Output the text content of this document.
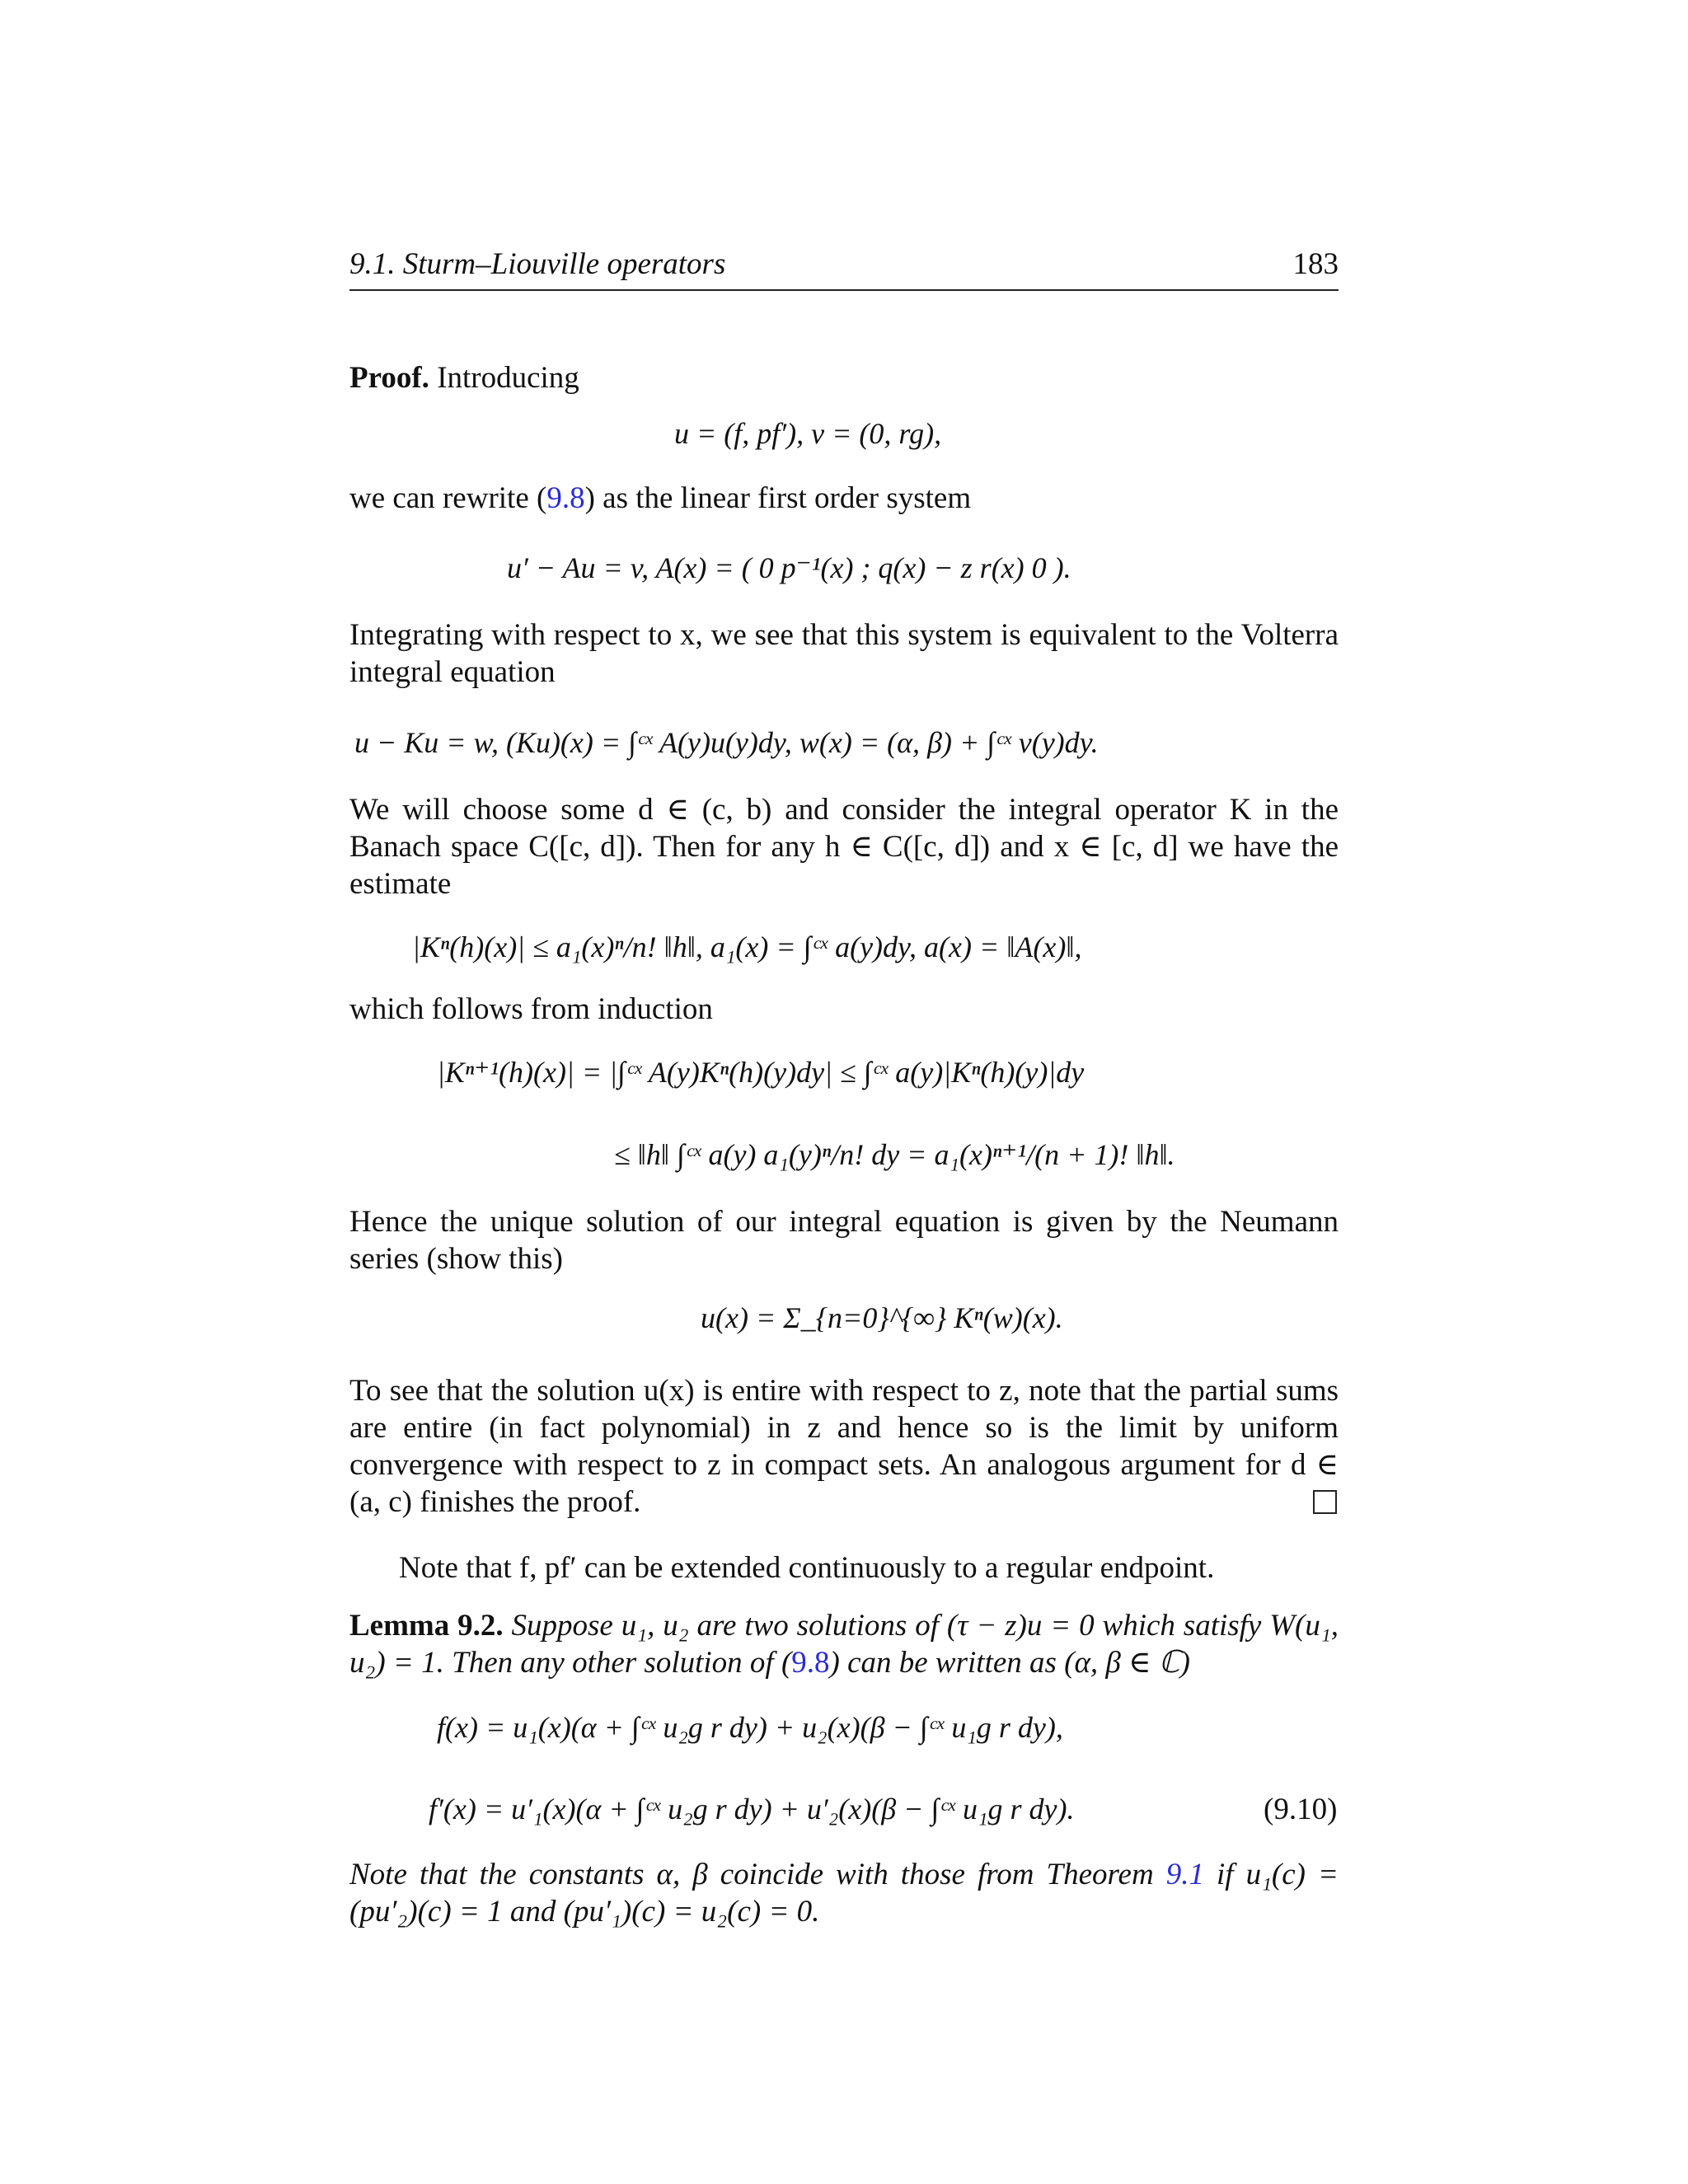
9.1. Sturm–Liouville operators	183

Proof. Introducing

u = (f, pf′), v = (0, rg),

we can rewrite (9.8) as the linear first order system

u′ − Au = v, A(x) = ( 0 p⁻¹(x) ; q(x) − z r(x) 0 ).

Integrating with respect to x, we see that this system is equivalent to the Volterra integral equation

u − Ku = w, (Ku)(x) = ∫ᶜˣ A(y)u(y)dy, w(x) = (α, β) + ∫ᶜˣ v(y)dy.

We will choose some d ∈ (c, b) and consider the integral operator K in the Banach space C([c, d]). Then for any h ∈ C([c, d]) and x ∈ [c, d] we have the estimate

|Kⁿ(h)(x)| ≤ a₁(x)ⁿ/n! ‖h‖, a₁(x) = ∫ᶜˣ a(y)dy, a(x) = ‖A(x)‖,

which follows from induction

|Kⁿ⁺¹(h)(x)| = |∫ᶜˣ A(y)Kⁿ(h)(y)dy| ≤ ∫ᶜˣ a(y)|Kⁿ(h)(y)|dy
≤ ‖h‖ ∫ᶜˣ a(y) a₁(y)ⁿ/n! dy = a₁(x)ⁿ⁺¹/(n + 1)! ‖h‖.

Hence the unique solution of our integral equation is given by the Neumann series (show this)

u(x) = Σ_{n=0}^{∞} Kⁿ(w)(x).

To see that the solution u(x) is entire with respect to z, note that the partial sums are entire (in fact polynomial) in z and hence so is the limit by uniform convergence with respect to z in compact sets. An analogous argument for d ∈ (a, c) finishes the proof.

Note that f, pf′ can be extended continuously to a regular endpoint.

Lemma 9.2. Suppose u₁, u₂ are two solutions of (τ − z)u = 0 which satisfy W(u₁, u₂) = 1. Then any other solution of (9.8) can be written as (α, β ∈ ℂ)

f(x) = u₁(x)(α + ∫ᶜˣ u₂g r dy) + u₂(x)(β − ∫ᶜˣ u₁g r dy),
f′(x) = u′₁(x)(α + ∫ᶜˣ u₂g r dy) + u′₂(x)(β − ∫ᶜˣ u₁g r dy).	(9.10)

Note that the constants α, β coincide with those from Theorem 9.1 if u₁(c) = (pu′₂)(c) = 1 and (pu′₁)(c) = u₂(c) = 0.
